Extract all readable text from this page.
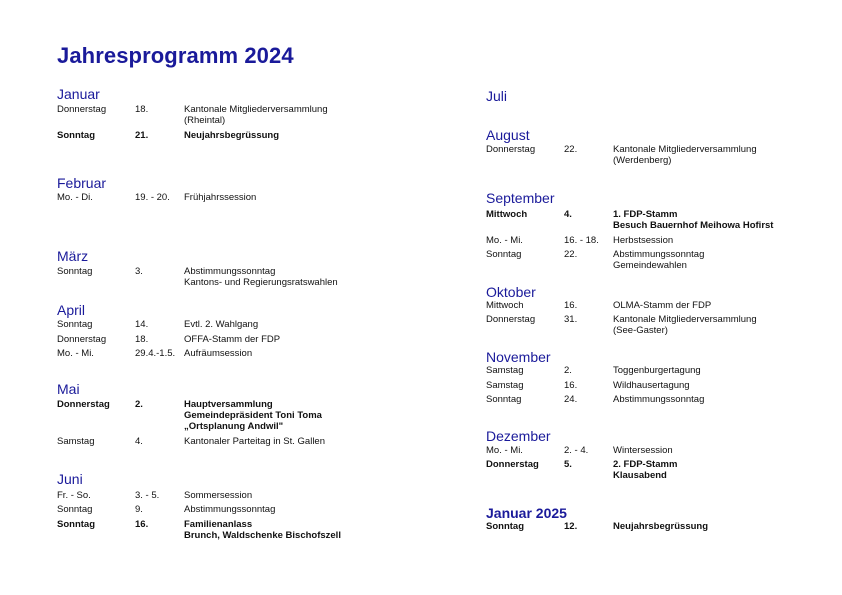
Jahresprogramm 2024
Januar
Donnerstag	18.	Kantonale Mitgliederversammlung
(Rheintal)
Sonntag	21.	Neujahrsbegrüssung
Februar
Mo. - Di.	19. - 20. Frühjahrssession
März
Sonntag	3.	Abstimmungssonntag
Kantons- und Regierungsratswahlen
April
Sonntag	14.	Evtl. 2. Wahlgang
Donnerstag	18.	OFFA-Stamm der FDP
Mo. - Mi.	29.4.-1.5. Aufräumsession
Mai
Donnerstag	2.	Hauptversammlung
Gemeindepräsident Toni Toma
„Ortsplanung Andwil"
Samstag	4.	Kantonaler Parteitag in St. Gallen
Juni
Fr. - So.	3. - 5.	Sommersession
Sonntag	9.	Abstimmungssonntag
Sonntag	16.	Familienanlass
Brunch, Waldschenke Bischofszell
Juli
August
Donnerstag	22.	Kantonale Mitgliederversammlung
(Werdenberg)
September
Mittwoch	4.	1. FDP-Stamm
Besuch Bauernhof Meihowa Hofirst
Mo. - Mi.	16. - 18. Herbstsession
Sonntag	22.	Abstimmungssonntag
Gemeindewahlen
Oktober
Mittwoch	16.	OLMA-Stamm der FDP
Donnerstag	31.	Kantonale Mitgliederversammlung
(See-Gaster)
November
Samstag	2.	Toggenburgertagung
Samstag	16.	Wildhausertagung
Sonntag	24.	Abstimmungssonntag
Dezember
Mo. - Mi.	2. - 4.	Wintersession
Donnerstag	5.	2. FDP-Stamm
Klausabend
Januar 2025
Sonntag	12.	Neujahrsbegrüssung
